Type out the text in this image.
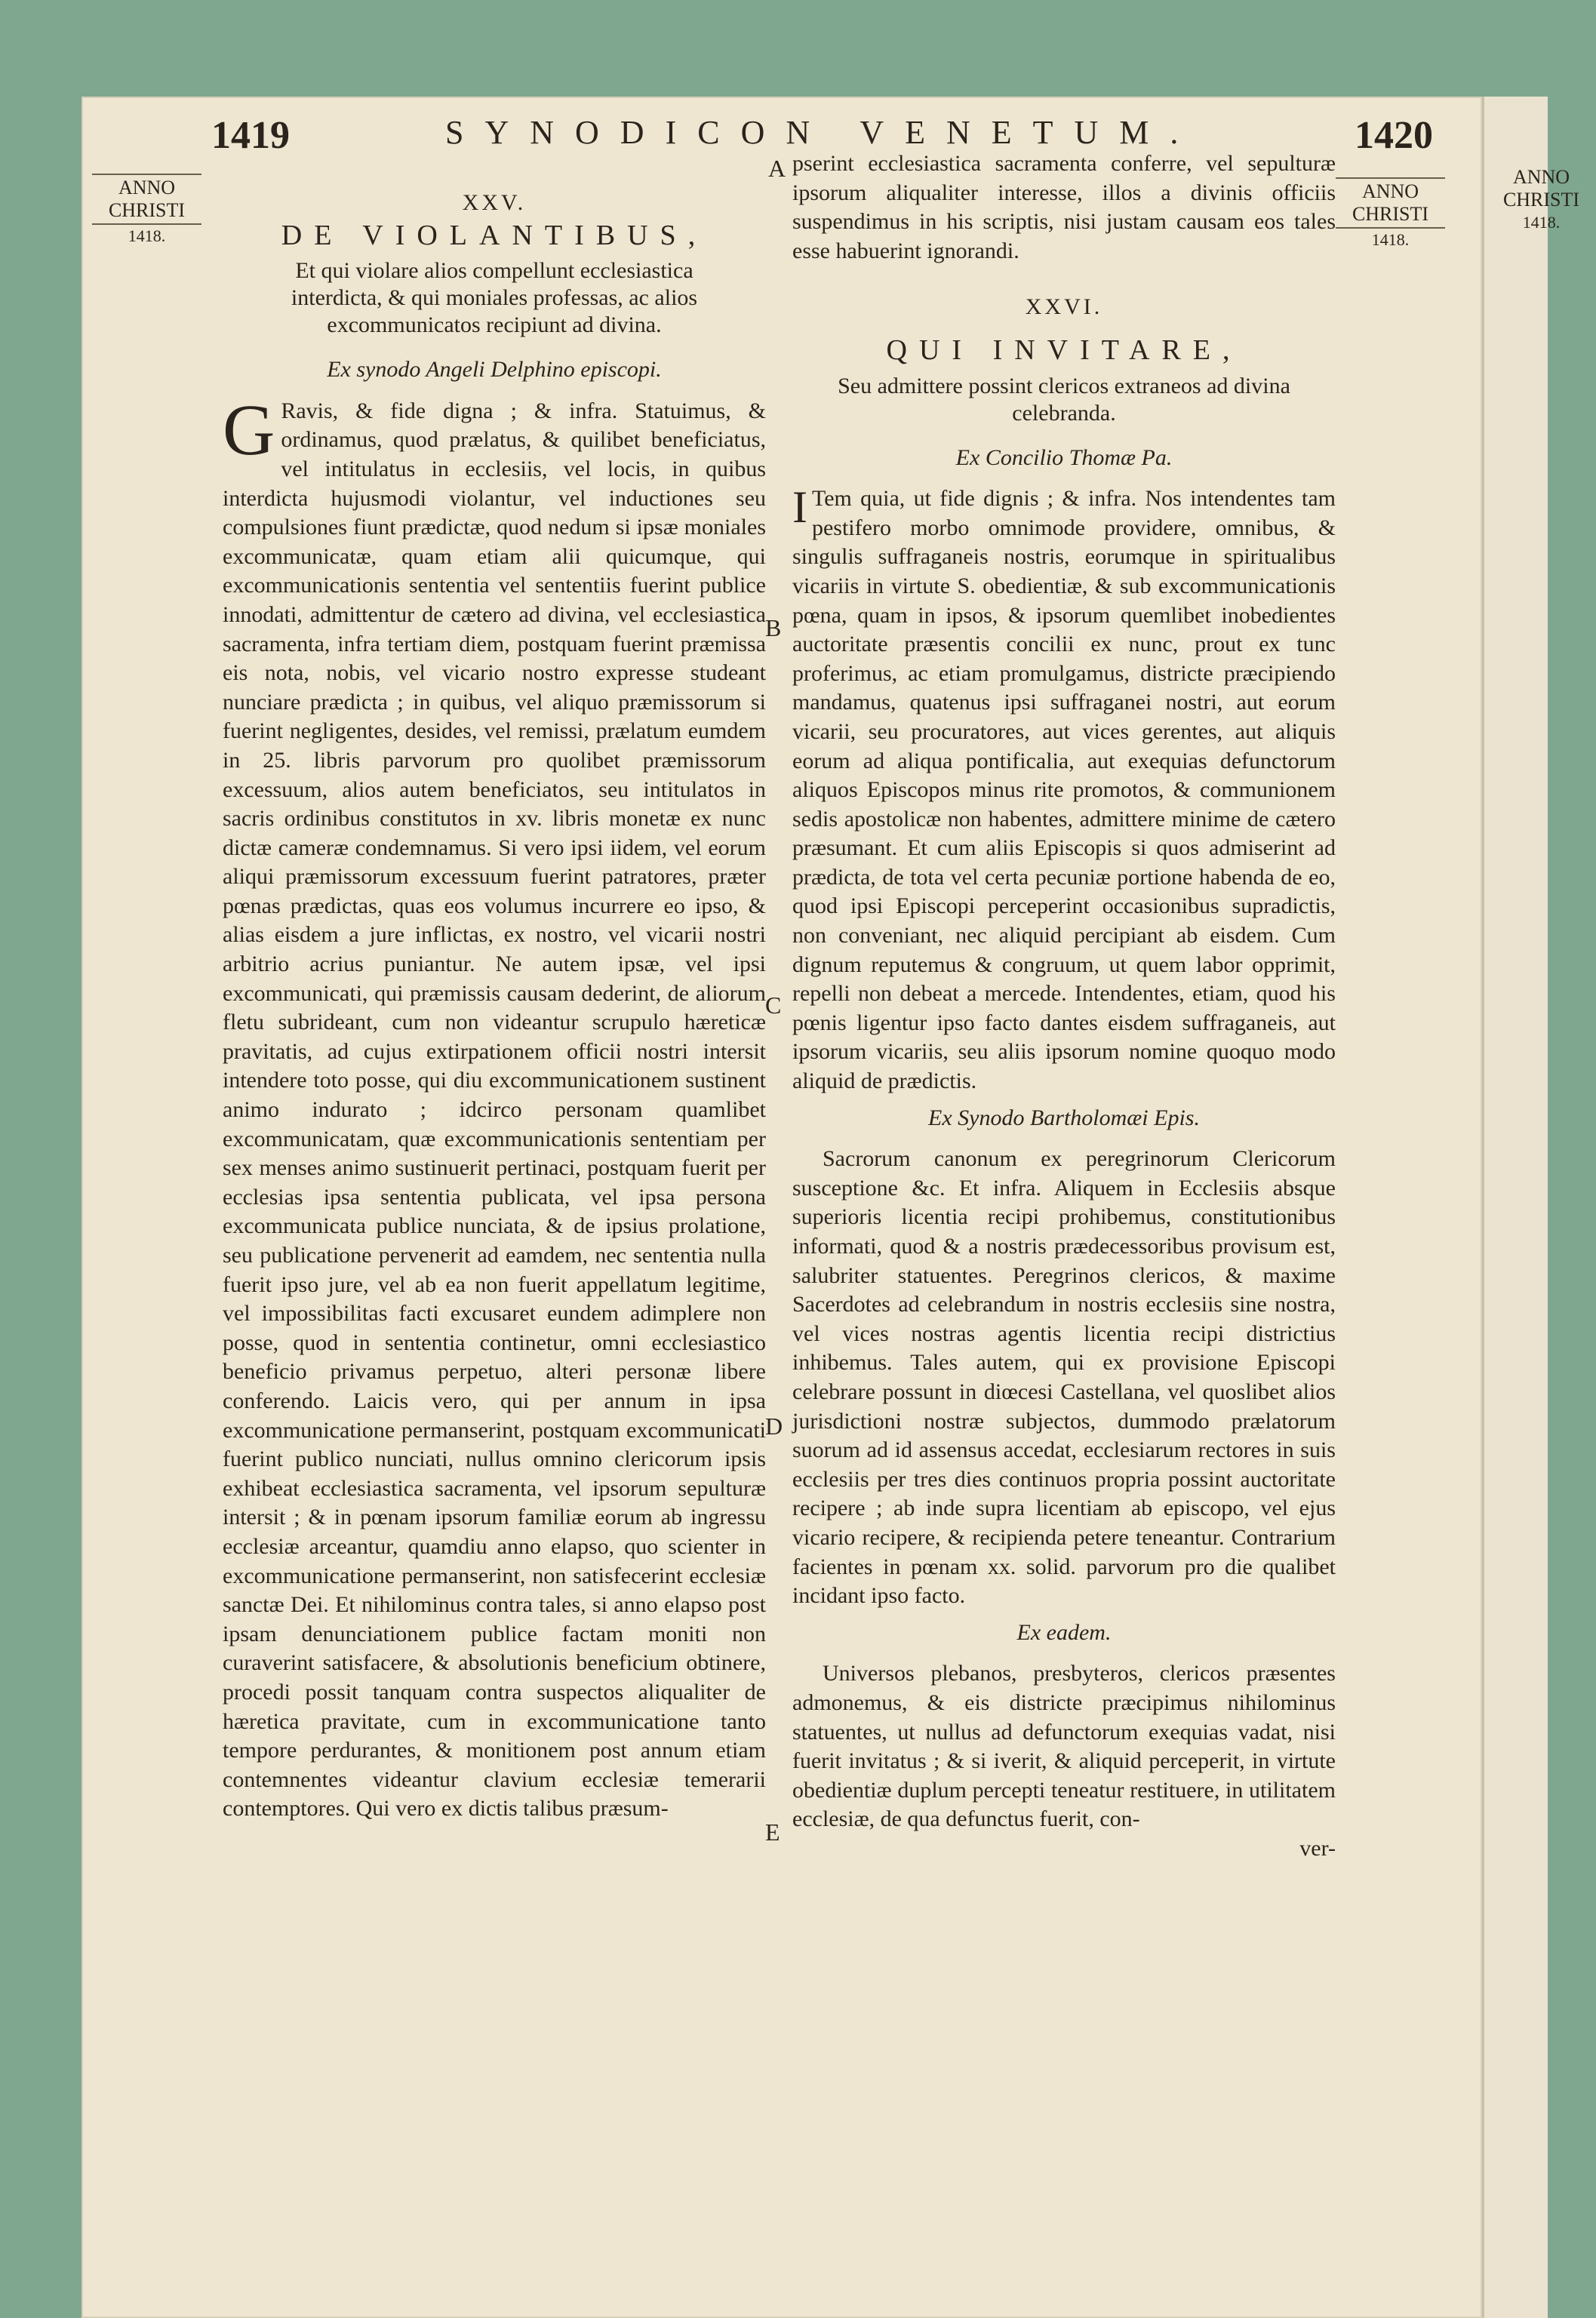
1419	SYNODICON VENETUM.	1420
ANNO
CHRISTI
1418.
ANNO
CHRISTI
1418.
ANNO
CHRISTI
1418.
A
B
C
D
E

XXV.

DE VIOLANTIBUS,

Et qui violare alios compellunt ecclesiastica interdicta, & qui moniales professas, ac alios excommunicatos recipiunt ad divina.

Ex synodo Angeli Delphino episcopi.

G Ravis, & fide digna ; & infra. Statuimus, & ordinamus, quod prælatus, & quilibet beneficiatus, vel intitulatus in ecclesiis, vel locis, in quibus interdicta hujusmodi violantur, vel inductiones seu compulsiones fiunt prædictæ, quod nedum si ipsæ moniales excommunicatæ, quam etiam alii quicumque, qui excommunicationis sententia vel sententiis fuerint publice innodati, admittentur de cætero ad divina, vel ecclesiastica sacramenta, infra tertiam diem, postquam fuerint præmissa eis nota, nobis, vel vicario nostro expresse studeant nunciare prædicta ; in quibus, vel aliquo præmissorum si fuerint negligentes, desides, vel remissi, prælatum eumdem in 25. libris parvorum pro quolibet præmissorum excessuum, alios autem beneficiatos, seu intitulatos in sacris ordinibus constitutos in xv. libris monetæ ex nunc dictæ cameræ condemnamus. Si vero ipsi iidem, vel eorum aliqui præmissorum excessuum fuerint patratores, præter pœnas prædictas, quas eos volumus incurrere eo ipso, & alias eisdem a jure inflictas, ex nostro, vel vicarii nostri arbitrio acrius puniantur. Ne autem ipsæ, vel ipsi excommunicati, qui præmissis causam dederint, de aliorum fletu subrideant, cum non videantur scrupulo hæreticæ pravitatis, ad cujus extirpationem officii nostri intersit intendere toto posse, qui diu excommunicationem sustinent animo indurato ; idcirco personam quamlibet excommunicatam, quæ excommunicationis sententiam per sex menses animo sustinuerit pertinaci, postquam fuerit per ecclesias ipsa sententia publicata, vel ipsa persona excommunicata publice nunciata, & de ipsius prolatione, seu publicatione pervenerit ad eamdem, nec sententia nulla fuerit ipso jure, vel ab ea non fuerit appellatum legitime, vel impossibilitas facti excusaret eundem adimplere non posse, quod in sententia continetur, omni ecclesiastico beneficio privamus perpetuo, alteri personæ libere conferendo. Laicis vero, qui per annum in ipsa excommunicatione permanserint, postquam excommunicati fuerint publico nunciati, nullus omnino clericorum ipsis exhibeat ecclesiastica sacramenta, vel ipsorum sepulturæ intersit ; & in pœnam ipsorum familiæ eorum ab ingressu ecclesiæ arceantur, quamdiu anno elapso, quo scienter in excommunicatione permanserint, non satisfecerint ecclesiæ sanctæ Dei. Et nihilominus contra tales, si anno elapso post ipsam denunciationem publice factam moniti non curaverint satisfacere, & absolutionis beneficium obtinere, procedi possit tanquam contra suspectos aliqualiter de hæretica pravitate, cum in excommunicatione tanto tempore perdurantes, & monitionem post annum etiam contemnentes videantur clavium ecclesiæ temerarii contemptores. Qui vero ex dictis talibus præsum-

pserint ecclesiastica sacramenta conferre, vel sepulturæ ipsorum aliqualiter interesse, illos a divinis officiis suspendimus in his scriptis, nisi justam causam eos tales esse habuerint ignorandi.

XXVI.

QUI INVITARE,

Seu admittere possint clericos extraneos ad divina celebranda.

Ex Concilio Thomæ Pa.

I Tem quia, ut fide dignis ; & infra. Nos intendentes tam pestifero morbo omnimode providere, omnibus, & singulis suffraganeis nostris, eorumque in spiritualibus vicariis in virtute S. obedientiæ, & sub excommunicationis pœna, quam in ipsos, & ipsorum quemlibet inobedientes auctoritate præsentis concilii ex nunc, prout ex tunc proferimus, ac etiam promulgamus, districte præcipiendo mandamus, quatenus ipsi suffraganei nostri, aut eorum vicarii, seu procuratores, aut vices gerentes, aut aliquis eorum ad aliqua pontificalia, aut exequias defunctorum aliquos Episcopos minus rite promotos, & communionem sedis apostolicæ non habentes, admittere minime de cætero præsumant. Et cum aliis Episcopis si quos admiserint ad prædicta, de tota vel certa pecuniæ portione habenda de eo, quod ipsi Episcopi perceperint occasionibus supradictis, non conveniant, nec aliquid percipiant ab eisdem. Cum dignum reputemus & congruum, ut quem labor opprimit, repelli non debeat a mercede. Intendentes, etiam, quod his pœnis ligentur ipso facto dantes eisdem suffraganeis, aut ipsorum vicariis, seu aliis ipsorum nomine quoquo modo aliquid de prædictis.

Ex Synodo Bartholomæi Epis.

Sacrorum canonum ex peregrinorum Clericorum susceptione &c. Et infra. Aliquem in Ecclesiis absque superioris licentia recipi prohibemus, constitutionibus informati, quod & a nostris prædecessoribus provisum est, salubriter statuentes. Peregrinos clericos, & maxime Sacerdotes ad celebrandum in nostris ecclesiis sine nostra, vel vices nostras agentis licentia recipi districtius inhibemus. Tales autem, qui ex provisione Episcopi celebrare possunt in diœcesi Castellana, vel quoslibet alios jurisdictioni nostræ subjectos, dummodo prælatorum suorum ad id assensus accedat, ecclesiarum rectores in suis ecclesiis per tres dies continuos propria possint auctoritate recipere ; ab inde supra licentiam ab episcopo, vel ejus vicario recipere, & recipienda petere teneantur. Contrarium facientes in pœnam xx. solid. parvorum pro die qualibet incidant ipso facto.

Ex eadem.

Universos plebanos, presbyteros, clericos præsentes admonemus, & eis districte præcipimus nihilominus statuentes, ut nullus ad defunctorum exequias vadat, nisi fuerit invitatus ; & si iverit, & aliquid perceperit, in virtute obedientiæ duplum percepti teneatur restituere, in utilitatem ecclesiæ, de qua defunctus fuerit, con-

ver-
